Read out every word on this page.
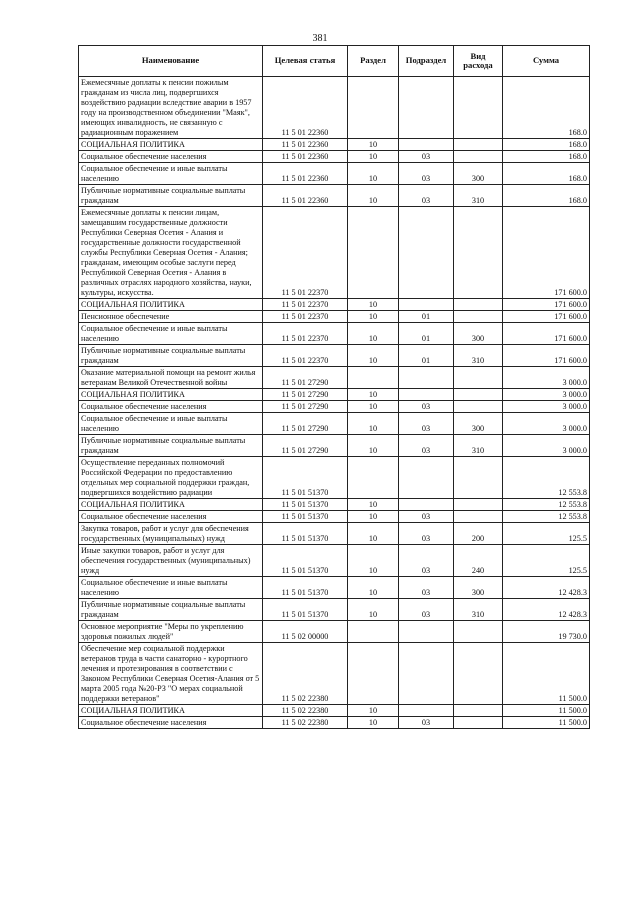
381
Наименование	Целевая статья	Раздел	Подраздел	Вид расхода	Сумма
Ежемесячные доплаты к пенсии пожилым гражданам из числа лиц, подвергшихся воздействию радиации вследствие аварии в 1957 году на производственном объединении "Маяк", имеющих инвалидность, не связанную с радиационным поражением	11 5 01 22360				168.0
СОЦИАЛЬНАЯ ПОЛИТИКА	11 5 01 22360	10			168.0
Социальное обеспечение населения	11 5 01 22360	10	03		168.0
Социальное обеспечение и иные выплаты населению	11 5 01 22360	10	03	300	168.0
Публичные нормативные социальные выплаты гражданам	11 5 01 22360	10	03	310	168.0
Ежемесячные доплаты к пенсии лицам, замещавшим государственные должности Республики Северная Осетия - Алания и государственные должности государственной службы Республики Северная Осетия - Алания; гражданам, имеющим особые заслуги перед Республикой Северная Осетия - Алания в различных отраслях народного хозяйства, науки, культуры, искусства.	11 5 01 22370				171 600.0
СОЦИАЛЬНАЯ ПОЛИТИКА	11 5 01 22370	10			171 600.0
Пенсионное обеспечение	11 5 01 22370	10	01		171 600.0
Социальное обеспечение и иные выплаты населению	11 5 01 22370	10	01	300	171 600.0
Публичные нормативные социальные выплаты гражданам	11 5 01 22370	10	01	310	171 600.0
Оказание материальной помощи на ремонт жилья ветеранам Великой Отечественной войны	11 5 01 27290				3 000.0
СОЦИАЛЬНАЯ ПОЛИТИКА	11 5 01 27290	10			3 000.0
Социальное обеспечение населения	11 5 01 27290	10	03		3 000.0
Социальное обеспечение и иные выплаты населению	11 5 01 27290	10	03	300	3 000.0
Публичные нормативные социальные выплаты гражданам	11 5 01 27290	10	03	310	3 000.0
Осуществление переданных полномочий Российской Федерации по предоставлению отдельных мер социальной поддержки граждан, подвергшихся воздействию радиации	11 5 01 51370				12 553.8
СОЦИАЛЬНАЯ ПОЛИТИКА	11 5 01 51370	10			12 553.8
Социальное обеспечение населения	11 5 01 51370	10	03		12 553.8
Закупка товаров, работ и услуг для обеспечения государственных (муниципальных) нужд	11 5 01 51370	10	03	200	125.5
Иные закупки товаров, работ и услуг для обеспечения государственных (муниципальных) нужд	11 5 01 51370	10	03	240	125.5
Социальное обеспечение и иные выплаты населению	11 5 01 51370	10	03	300	12 428.3
Публичные нормативные социальные выплаты гражданам	11 5 01 51370	10	03	310	12 428.3
Основное мероприятие "Меры по укреплению здоровья пожилых людей"	11 5 02 00000				19 730.0
Обеспечение мер социальной поддержки ветеранов труда в части санаторно - курортного лечения и протезирования в соответствии с Законом Республики Северная Осетия-Алания от 5 марта 2005 года №20-РЗ "О мерах социальной поддержки ветеранов"	11 5 02 22380				11 500.0
СОЦИАЛЬНАЯ ПОЛИТИКА	11 5 02 22380	10			11 500.0
Социальное обеспечение населения	11 5 02 22380	10	03		11 500.0
